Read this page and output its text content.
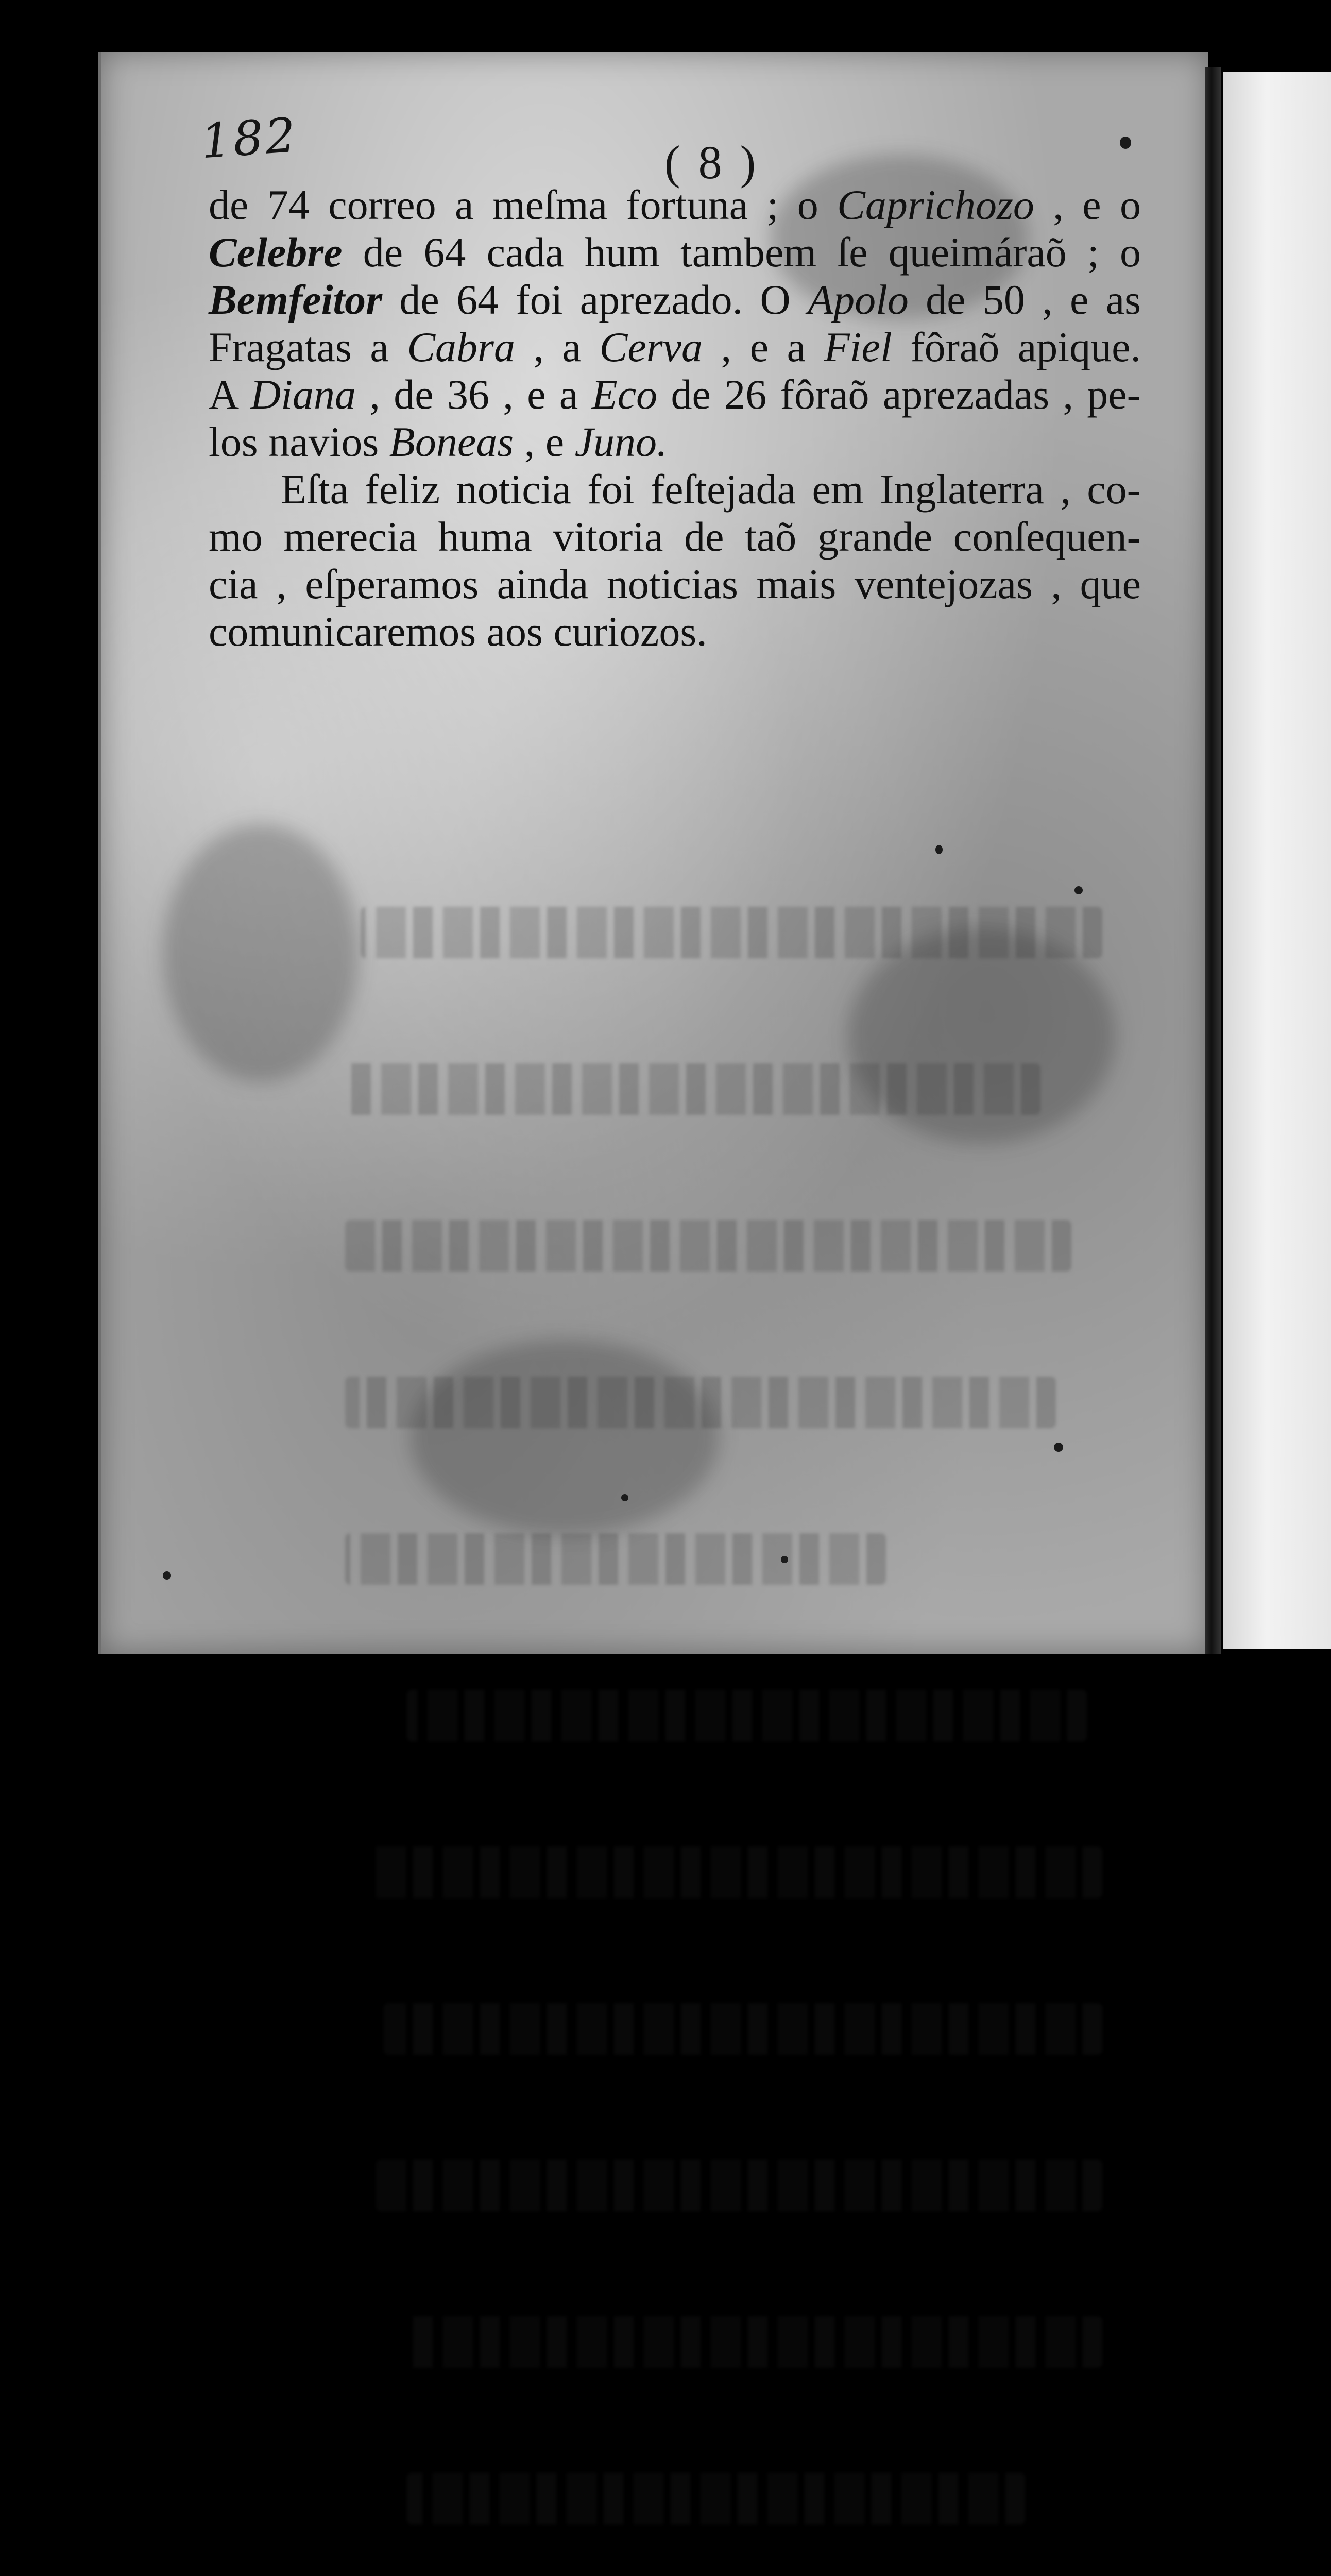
182	( 8 )
de 74 correo a meſma fortuna ; o Caprichozo , e o
Celebre de 64 cada hum tambem ſe queimáraõ ; o
Bemfeitor de 64 foi aprezado. O Apolo de 50 , e as
Fragatas a Cabra , a Cerva , e a Fiel fôraõ apique.
A Diana , de 36 , e a Eco de 26 fôraõ aprezadas , pe-
los navios Boneas , e Juno.
Eſta feliz noticia foi feſtejada em Inglaterra , co-
mo merecia huma vitoria de taõ grande conſequen-
cia , eſperamos ainda noticias mais ventejozas , que
comunicaremos aos curiozos.
